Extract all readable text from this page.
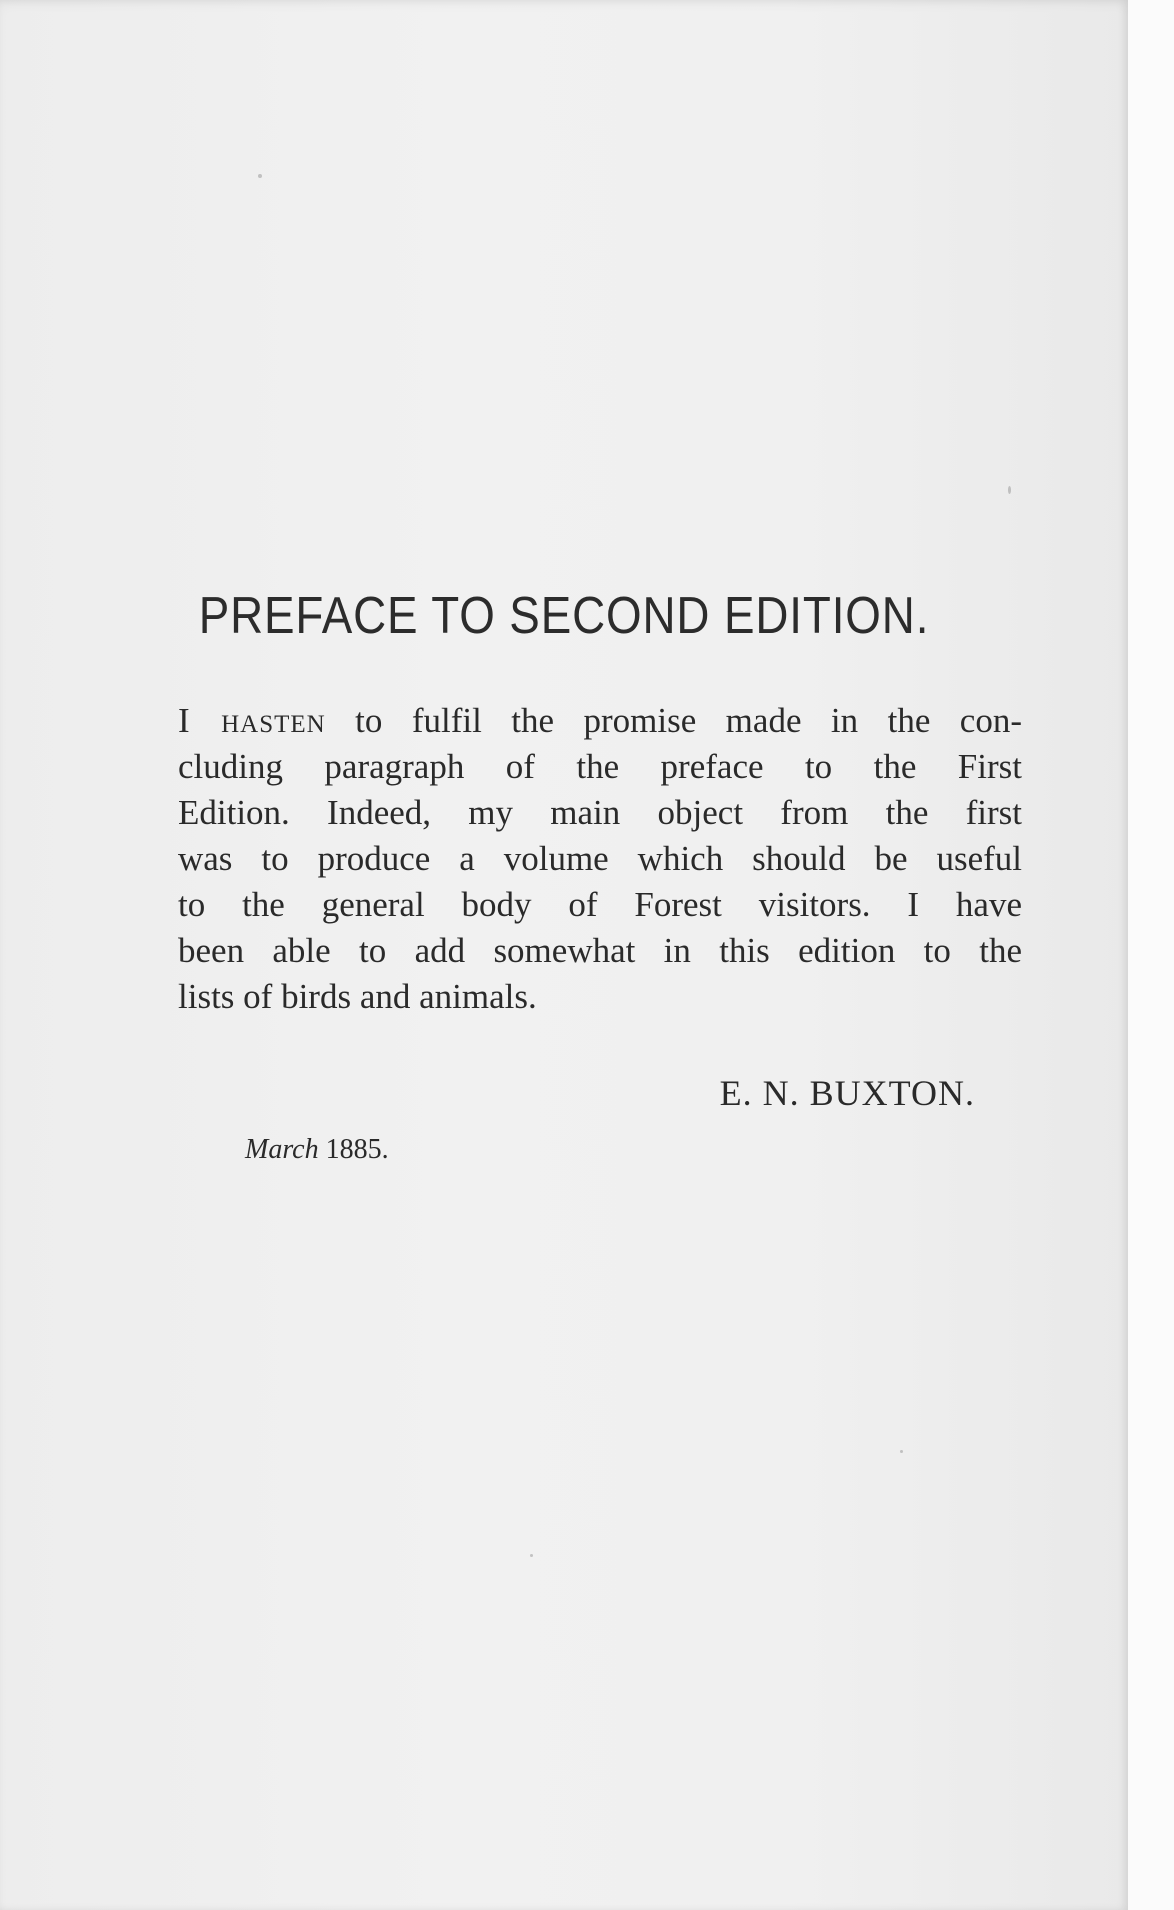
PREFACE TO SECOND EDITION.
I hasten to fulfil the promise made in the con-
cluding paragraph of the preface to the First
Edition. Indeed, my main object from the first
was to produce a volume which should be useful
to the general body of Forest visitors. I have
been able to add somewhat in this edition to the
lists of birds and animals.
E. N. BUXTON.
March 1885.
